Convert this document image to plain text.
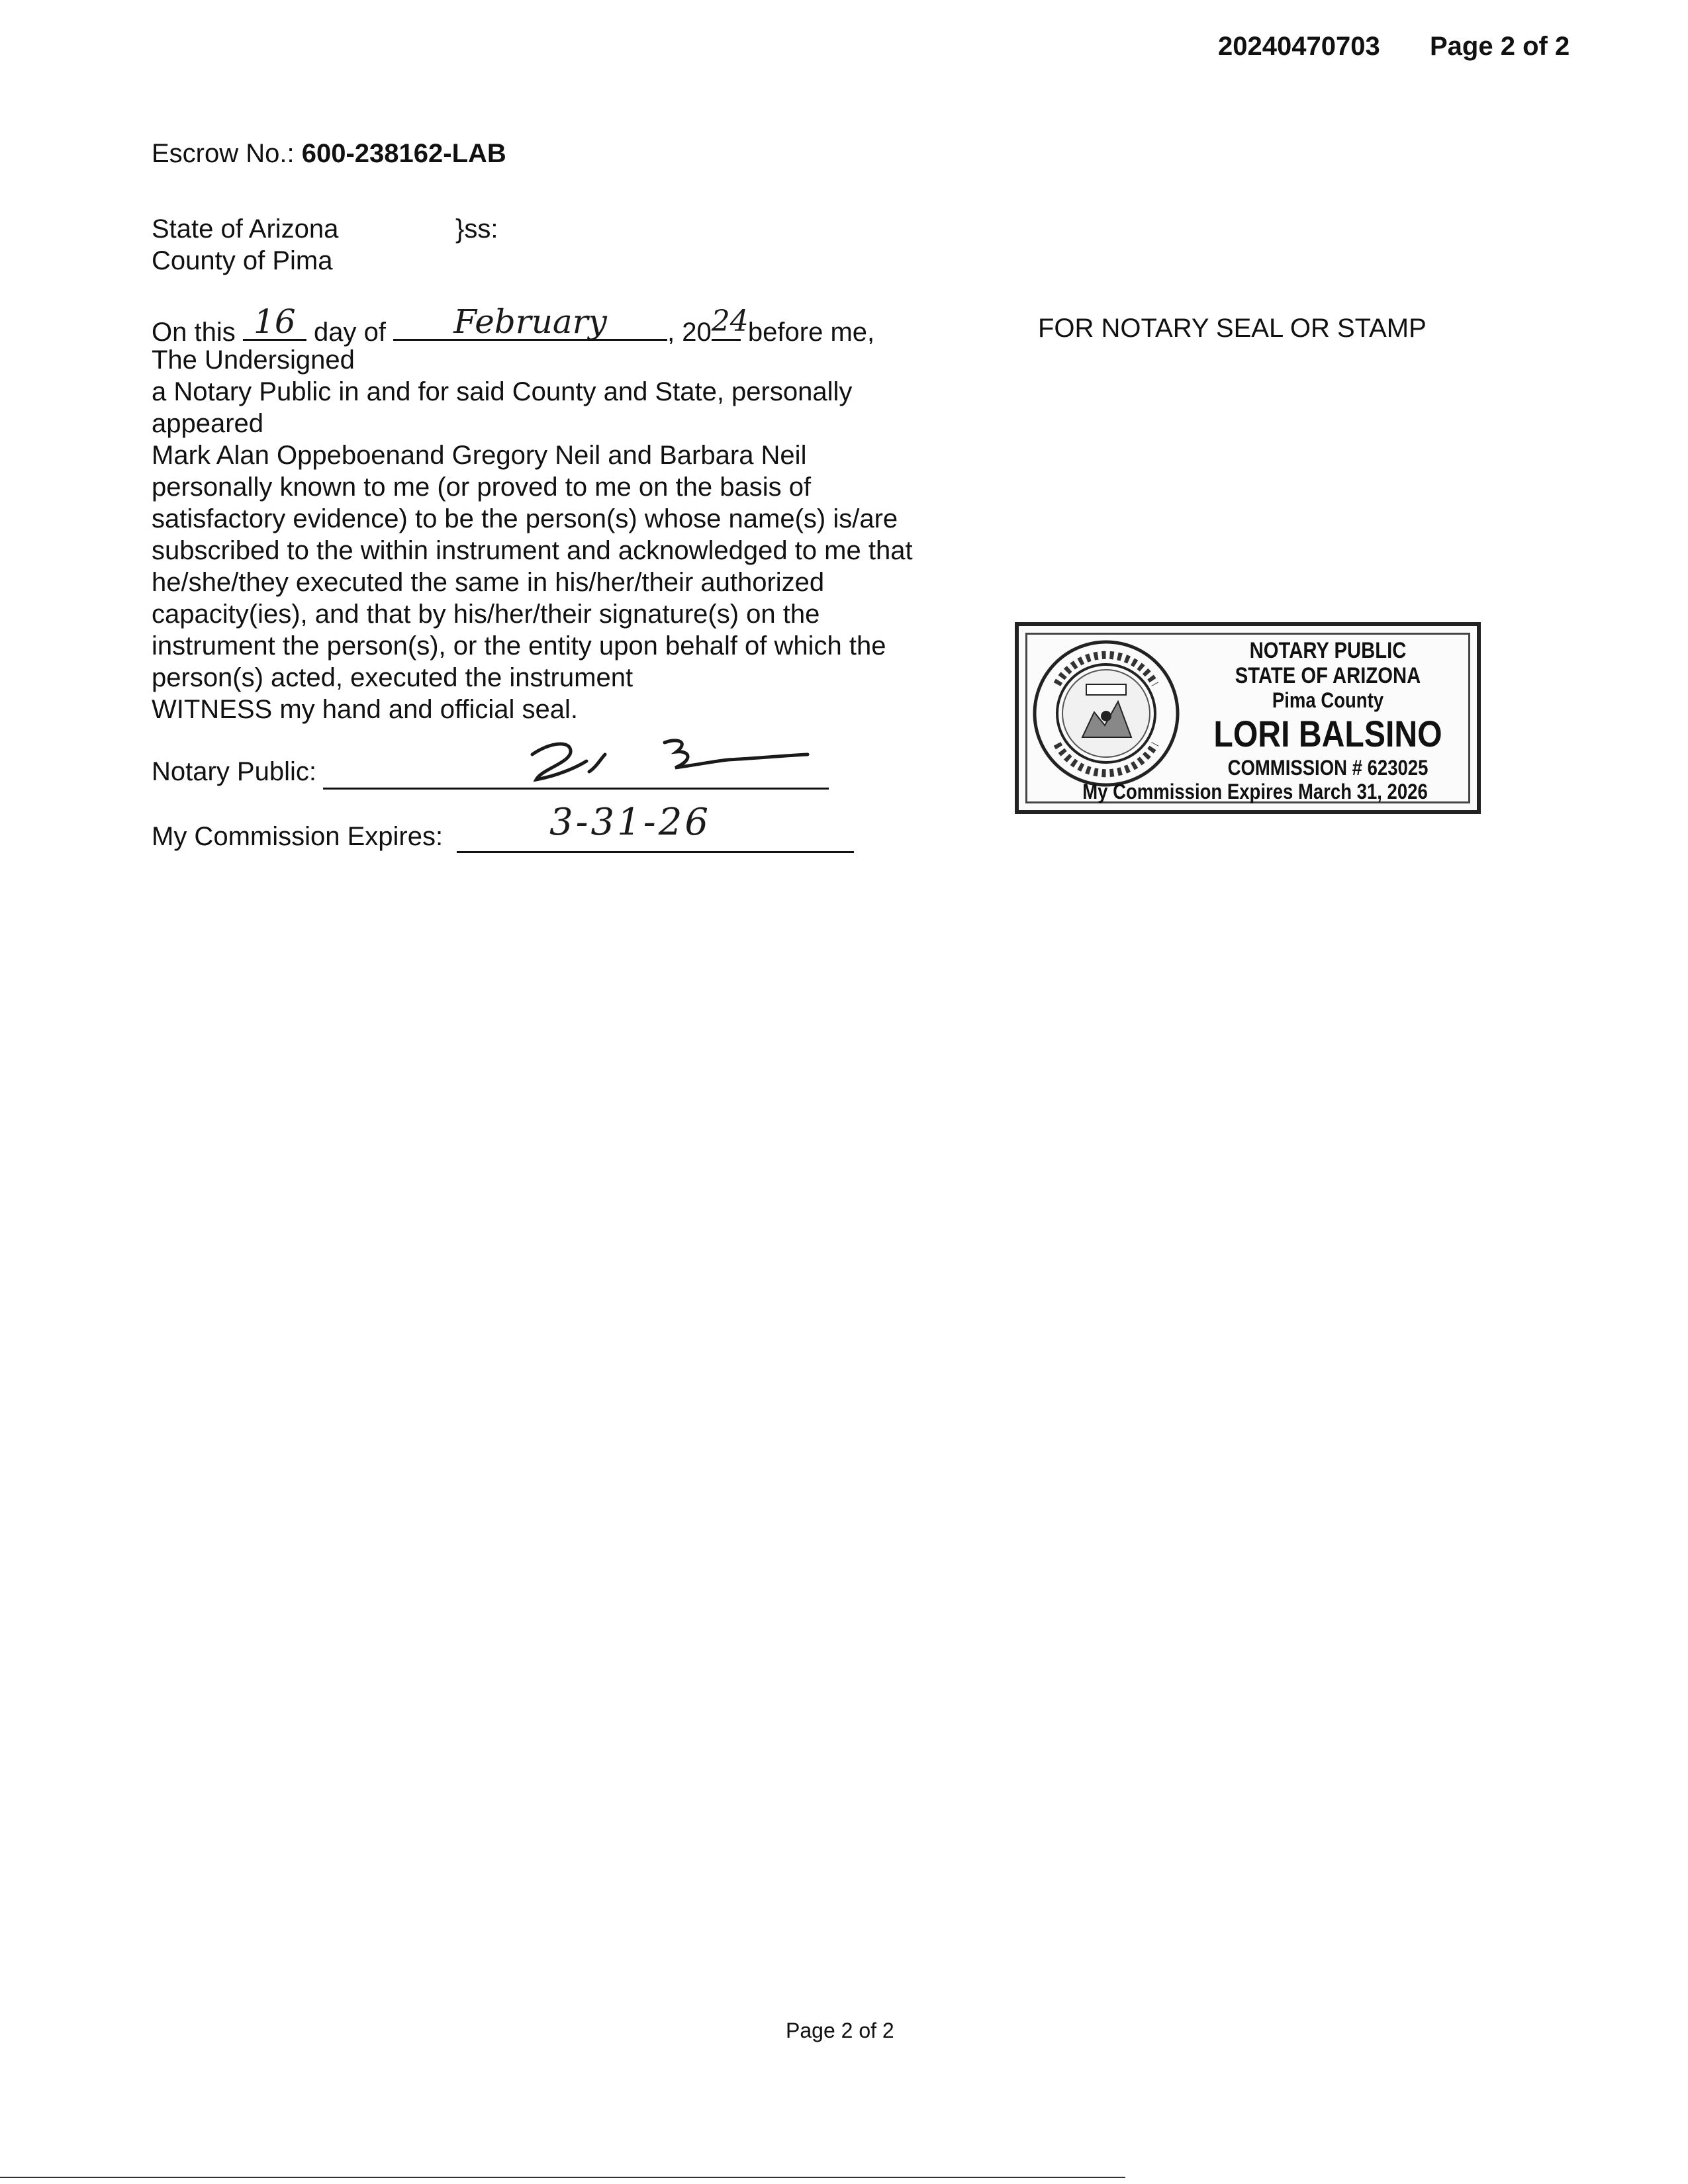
20240470703 Page 2 of 2
Escrow No.: 600-238162-LAB
State of Arizona	}ss:
County of Pima
On this 16 day of	February	, 20 24 before me,
The Undersigned
a Notary Public in and for said County and State, personally
appeared
Mark Alan Oppeboenand Gregory Neil and Barbara Neil
personally known to me (or proved to me on the basis of
satisfactory evidence) to be the person(s) whose name(s) is/are
subscribed to the within instrument and acknowledged to me that
he/she/they executed the same in his/her/their authorized
capacity(ies), and that by his/her/their signature(s) on the
instrument the person(s), or the entity upon behalf of which the
person(s) acted, executed the instrument
WITNESS my hand and official seal.
Notary Public:
My Commission Expires:	3-31-26
FOR NOTARY SEAL OR STAMP
NOTARY PUBLIC
STATE OF ARIZONA
Pima County
LORI BALSINO
COMMISSION # 623025
My Commission Expires March 31, 2026
Page 2 of 2
